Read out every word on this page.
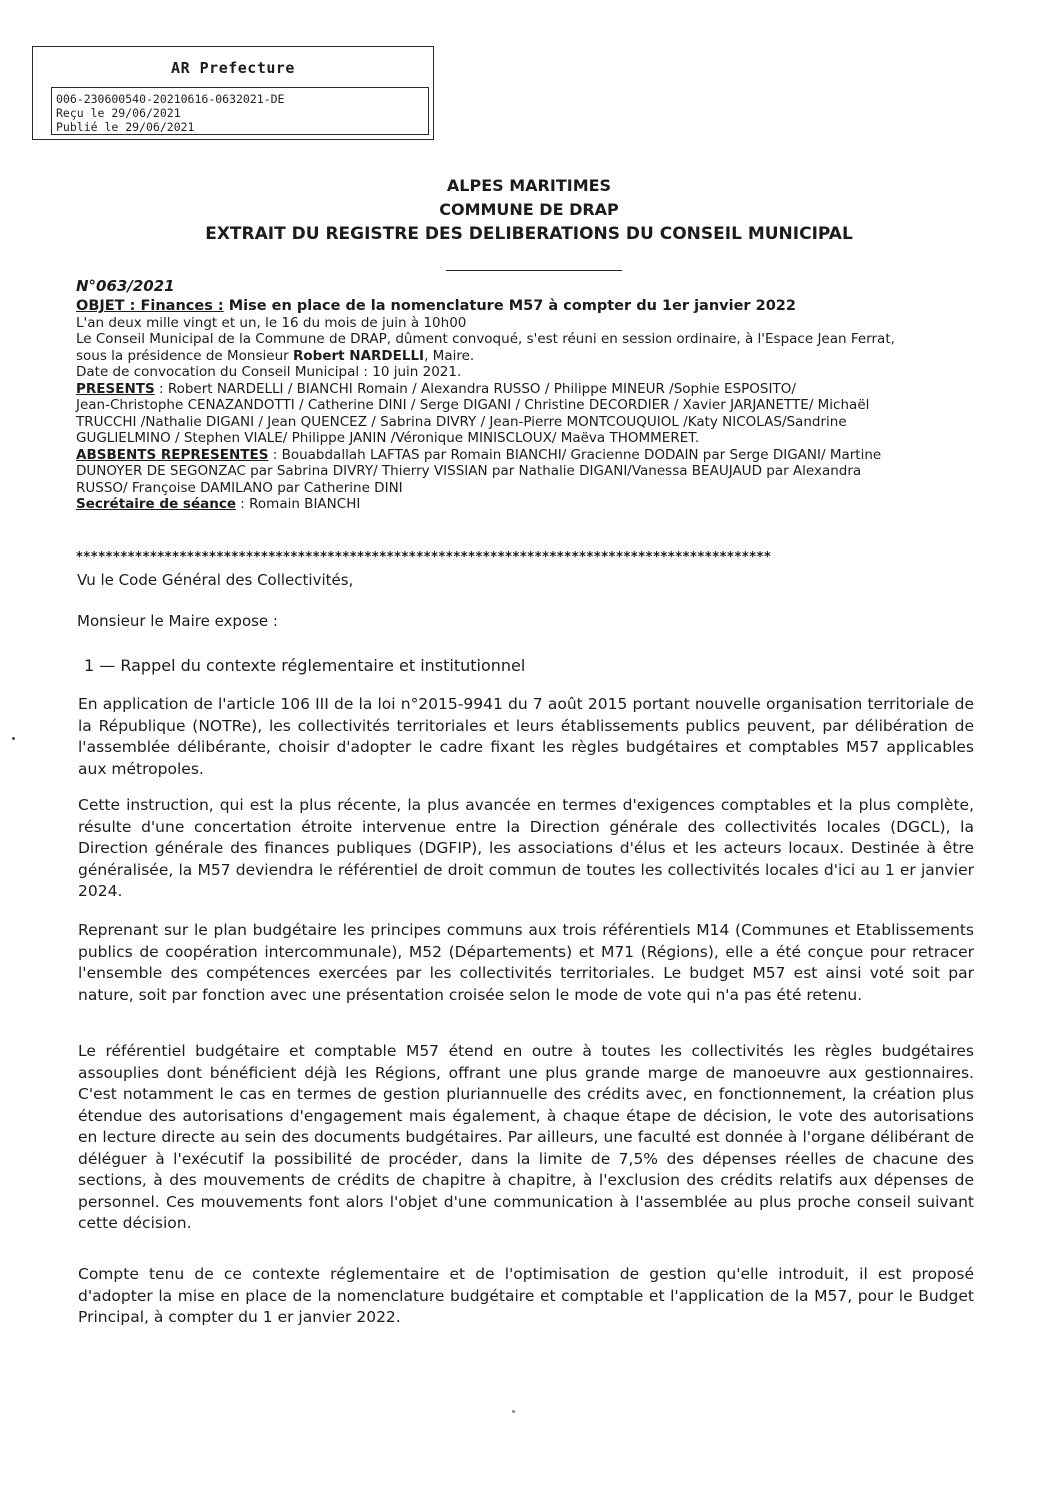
AR Prefecture
006-230600540-20210616-0632021-DE
Reçu le 29/06/2021
Publié le 29/06/2021
ALPES MARITIMES
COMMUNE DE DRAP
EXTRAIT DU REGISTRE DES DELIBERATIONS DU CONSEIL MUNICIPAL
N°063/2021
OBJET : Finances : Mise en place de la nomenclature M57 à compter du 1er janvier 2022
L'an deux mille vingt et un, le 16 du mois de juin à 10h00
Le Conseil Municipal de la Commune de DRAP, dûment convoqué, s'est réuni en session ordinaire, à l'Espace Jean Ferrat,
sous la présidence de Monsieur Robert NARDELLI, Maire.
Date de convocation du Conseil Municipal : 10 juin 2021.
PRESENTS : Robert NARDELLI / BIANCHI Romain / Alexandra RUSSO / Philippe MINEUR /Sophie ESPOSITO/
Jean-Christophe CENAZANDOTTI / Catherine DINI / Serge DIGANI / Christine DECORDIER / Xavier JARJANETTE/ Michaël
TRUCCHI /Nathalie DIGANI / Jean QUENCEZ / Sabrina DIVRY / Jean-Pierre MONTCOUQUIOL /Katy NICOLAS/Sandrine
GUGLIELMINO / Stephen VIALE/ Philippe JANIN /Véronique MINISCLOUX/ Maëva THOMMERET.
ABSBENTS REPRESENTES : Bouabdallah LAFTAS par Romain BIANCHI/ Gracienne DODAIN par Serge DIGANI/ Martine
DUNOYER DE SEGONZAC par Sabrina DIVRY/ Thierry VISSIAN par Nathalie DIGANI/Vanessa BEAUJAUD par Alexandra
RUSSO/ Françoise DAMILANO par Catherine DINI
Secrétaire de séance : Romain BIANCHI
**********************************************************************************************
Vu le Code Général des Collectivités,
Monsieur le Maire expose :
1 — Rappel du contexte réglementaire et institutionnel
En application de l'article 106 III de la loi n°2015-9941 du 7 août 2015 portant nouvelle organisation territoriale de la République (NOTRe), les collectivités territoriales et leurs établissements publics peuvent, par délibération de l'assemblée délibérante, choisir d'adopter le cadre fixant les règles budgétaires et comptables M57 applicables aux métropoles.
Cette instruction, qui est la plus récente, la plus avancée en termes d'exigences comptables et la plus complète, résulte d'une concertation étroite intervenue entre la Direction générale des collectivités locales (DGCL), la Direction générale des finances publiques (DGFIP), les associations d'élus et les acteurs locaux. Destinée à être généralisée, la M57 deviendra le référentiel de droit commun de toutes les collectivités locales d'ici au 1 er janvier 2024.
Reprenant sur le plan budgétaire les principes communs aux trois référentiels M14 (Communes et Etablissements publics de coopération intercommunale), M52 (Départements) et M71 (Régions), elle a été conçue pour retracer l'ensemble des compétences exercées par les collectivités territoriales. Le budget M57 est ainsi voté soit par nature, soit par fonction avec une présentation croisée selon le mode de vote qui n'a pas été retenu.
Le référentiel budgétaire et comptable M57 étend en outre à toutes les collectivités les règles budgétaires assouplies dont bénéficient déjà les Régions, offrant une plus grande marge de manoeuvre aux gestionnaires. C'est notamment le cas en termes de gestion pluriannuelle des crédits avec, en fonctionnement, la création plus étendue des autorisations d'engagement mais également, à chaque étape de décision, le vote des autorisations en lecture directe au sein des documents budgétaires. Par ailleurs, une faculté est donnée à l'organe délibérant de déléguer à l'exécutif la possibilité de procéder, dans la limite de 7,5% des dépenses réelles de chacune des sections, à des mouvements de crédits de chapitre à chapitre, à l'exclusion des crédits relatifs aux dépenses de personnel. Ces mouvements font alors l'objet d'une communication à l'assemblée au plus proche conseil suivant cette décision.
Compte tenu de ce contexte réglementaire et de l'optimisation de gestion qu'elle introduit, il est proposé d'adopter la mise en place de la nomenclature budgétaire et comptable et l'application de la M57, pour le Budget Principal, à compter du 1 er janvier 2022.
